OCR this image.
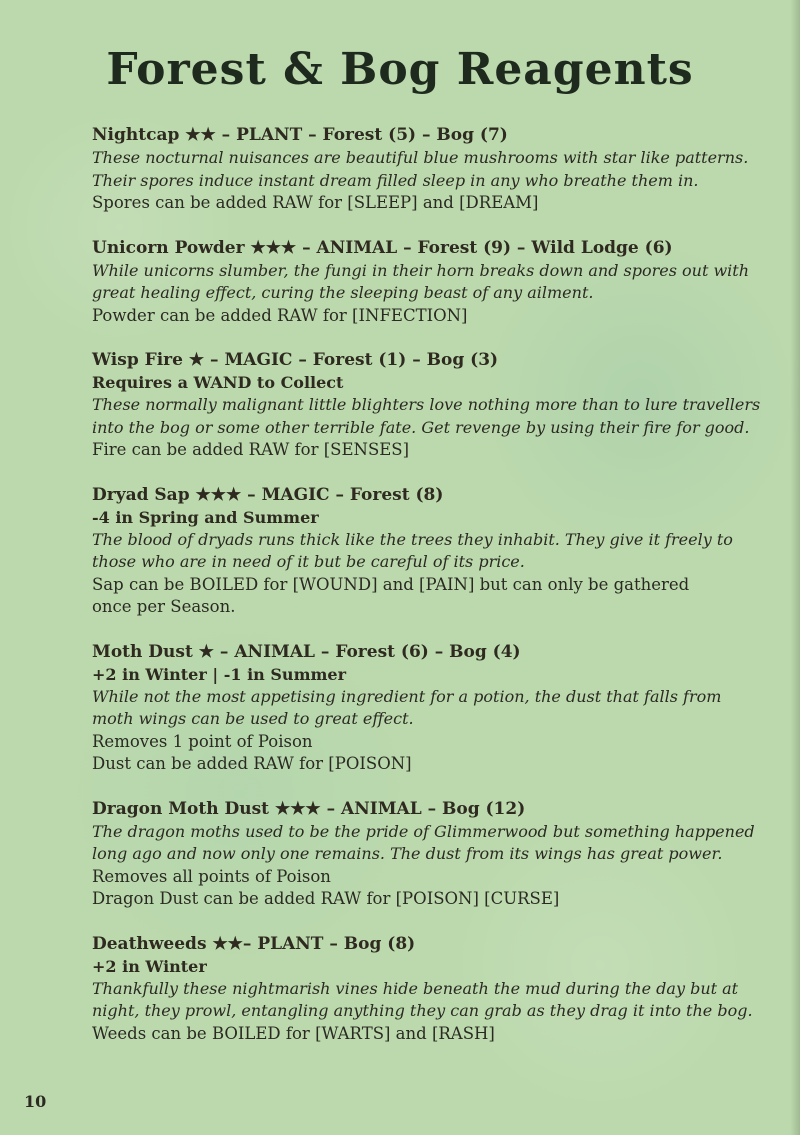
Forest & Bog Reagents
Nightcap ★★ – PLANT – Forest (5) – Bog (7)
These nocturnal nuisances are beautiful blue mushrooms with star like patterns.
Their spores induce instant dream filled sleep in any who breathe them in.
Spores can be added RAW for [SLEEP] and [DREAM]
Unicorn Powder ★★★ – ANIMAL – Forest (9) – Wild Lodge (6)
While unicorns slumber, the fungi in their horn breaks down and spores out with
great healing effect, curing the sleeping beast of any ailment.
Powder can be added RAW for [INFECTION]
Wisp Fire ★ – MAGIC – Forest (1) – Bog (3)
Requires a WAND to Collect
These normally malignant little blighters love nothing more than to lure travellers
into the bog or some other terrible fate. Get revenge by using their fire for good.
Fire can be added RAW for [SENSES]
Dryad Sap ★★★ – MAGIC – Forest (8)
-4 in Spring and Summer
The blood of dryads runs thick like the trees they inhabit. They give it freely to
those who are in need of it but be careful of its price.
Sap can be BOILED for [WOUND] and [PAIN] but can only be gathered
once per Season.
Moth Dust ★ – ANIMAL – Forest (6) – Bog (4)
+2 in Winter | -1 in Summer
While not the most appetising ingredient for a potion, the dust that falls from
moth wings can be used to great effect.
Removes 1 point of Poison
Dust can be added RAW for [POISON]
Dragon Moth Dust ★★★ – ANIMAL – Bog (12)
The dragon moths used to be the pride of Glimmerwood but something happened
long ago and now only one remains. The dust from its wings has great power.
Removes all points of Poison
Dragon Dust can be added RAW for [POISON] [CURSE]
Deathweeds ★★– PLANT – Bog (8)
+2 in Winter
Thankfully these nightmarish vines hide beneath the mud during the day but at
night, they prowl, entangling anything they can grab as they drag it into the bog.
Weeds can be BOILED for [WARTS] and [RASH]
10
